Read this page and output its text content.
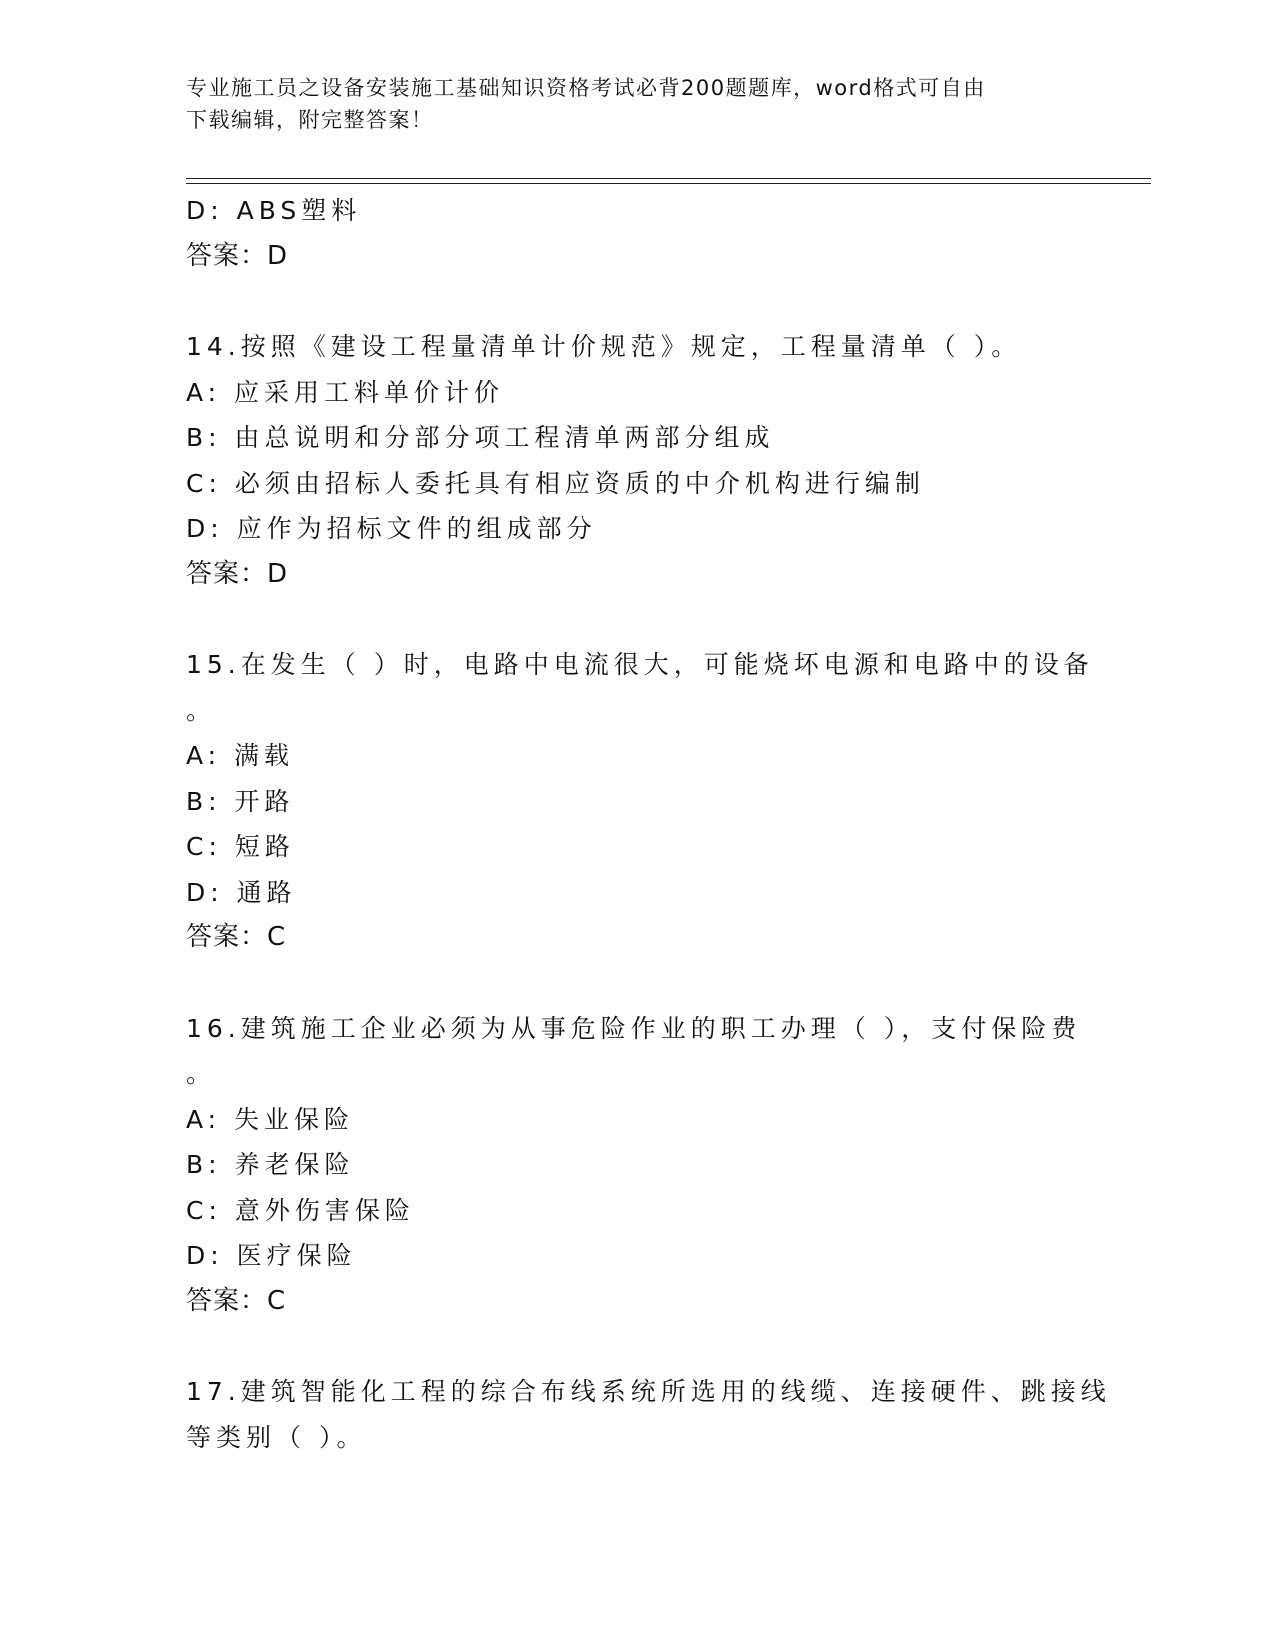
专业施工员之设备安装施工基础知识资格考试必背200题题库，word格式可自由
下载编辑，附完整答案！
D: ABS塑料
答案：D
14.按照《建设工程量清单计价规范》规定，工程量清单（ ）。
A: 应采用工料单价计价
B: 由总说明和分部分项工程清单两部分组成
C: 必须由招标人委托具有相应资质的中介机构进行编制
D: 应作为招标文件的组成部分
答案：D
15.在发生（ ）时，电路中电流很大，可能烧坏电源和电路中的设备
。
A: 满载
B: 开路
C: 短路
D: 通路
答案：C
16.建筑施工企业必须为从事危险作业的职工办理（ ），支付保险费
。
A: 失业保险
B: 养老保险
C: 意外伤害保险
D: 医疗保险
答案：C
17.建筑智能化工程的综合布线系统所选用的线缆、连接硬件、跳接线
等类别（ ）。
